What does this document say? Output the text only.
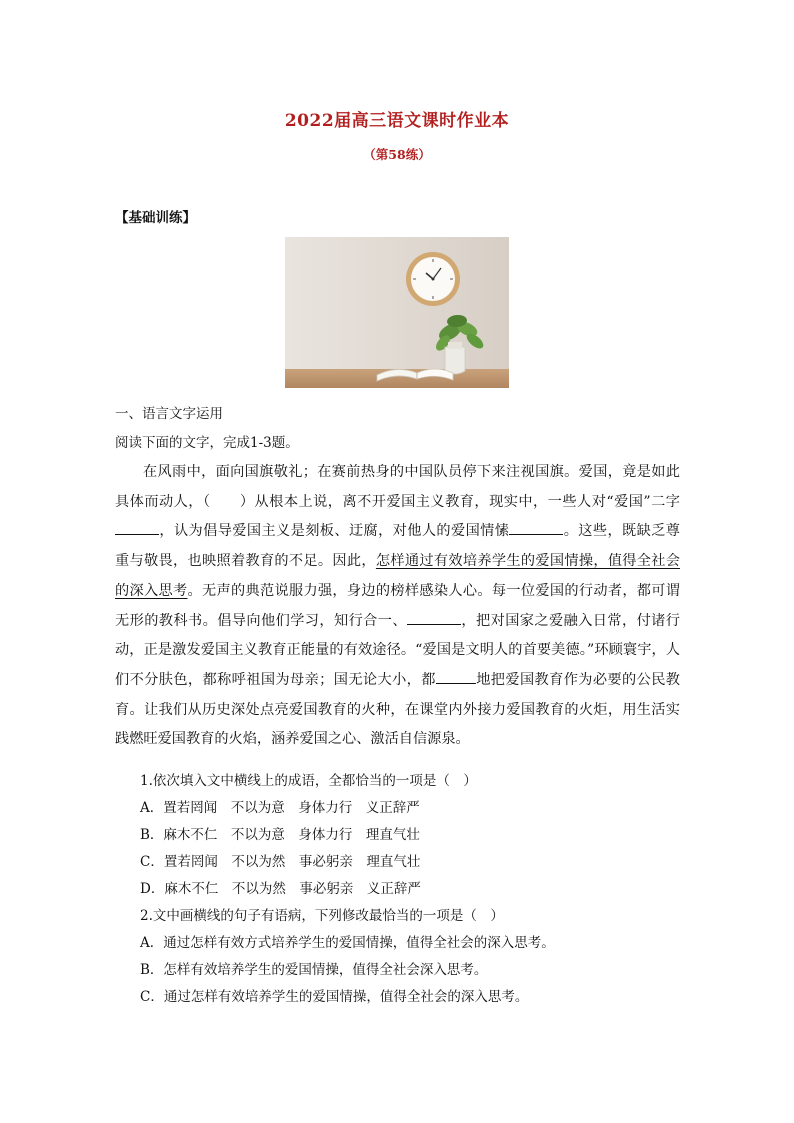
2022届高三语文课时作业本
（第58练）
【基础训练】
一、语言文字运用
阅读下面的文字，完成1-3题。
在风雨中，面向国旗敬礼；在赛前热身的中国队员停下来注视国旗。爱国，竟是如此具体而动人，（　　）从根本上说，离不开爱国主义教育，现实中，一些人对“爱国”二字，认为倡导爱国主义是刻板、迂腐，对他人的爱国情愫	。这些，既缺乏尊重与敬畏，也映照着教育的不足。因此，怎样通过有效培养学生的爱国情操，值得全社会的深入思考。无声的典范说服力强，身边的榜样感染人心。每一位爱国的行动者，都可谓无形的教科书。倡导向他们学习，知行合一、	，把对国家之爱融入日常，付诸行动，正是激发爱国主义教育正能量的有效途径。“爱国是文明人的首要美德。”环顾寰宇，人们不分肤色，都称呼祖国为母亲；国无论大小，都	地把爱国教育作为必要的公民教育。让我们从历史深处点亮爱国教育的火种，在课堂内外接力爱国教育的火炬，用生活实践燃旺爱国教育的火焰，涵养爱国之心、激活自信源泉。
1.依次填入文中横线上的成语，全都恰当的一项是（　）
A．置若罔闻　不以为意　身体力行　义正辞严
B．麻木不仁　不以为意　身体力行　理直气壮
C．置若罔闻　不以为然　事必躬亲　理直气壮
D．麻木不仁　不以为然　事必躬亲　义正辞严
2.文中画横线的句子有语病，下列修改最恰当的一项是（　）
A．通过怎样有效方式培养学生的爱国情操，值得全社会的深入思考。
B．怎样有效培养学生的爱国情操，值得全社会深入思考。
C．通过怎样有效培养学生的爱国情操，值得全社会的深入思考。
